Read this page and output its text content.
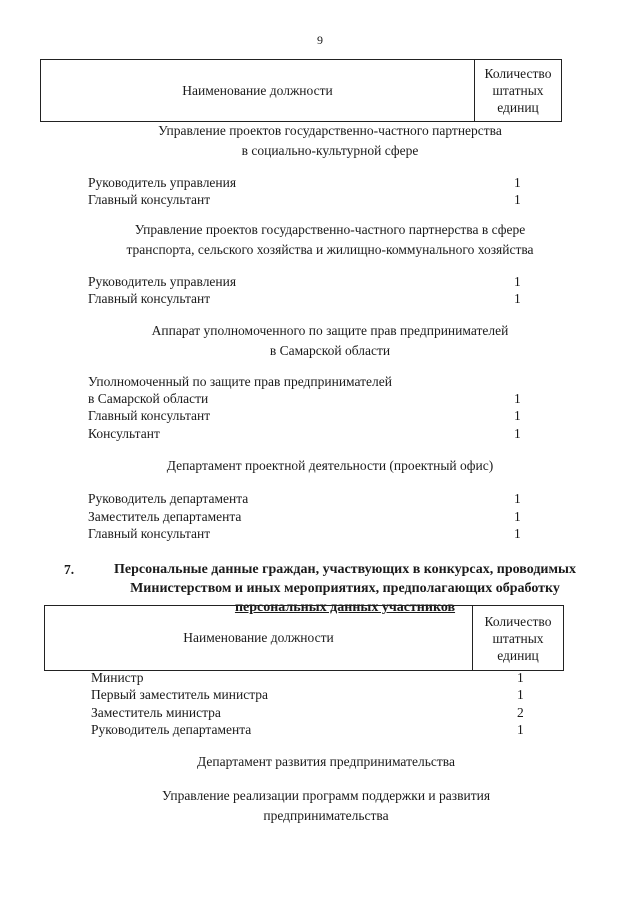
9
Наименование должности
Количество
штатных
единиц
Управление проектов государственно-частного партнерства
в социально-культурной сфере
Руководитель управления	1
Главный консультант	1
Управление проектов государственно-частного партнерства в сфере
транспорта, сельского хозяйства и жилищно-коммунального хозяйства
Руководитель управления	1
Главный консультант	1
Аппарат уполномоченного по защите прав предпринимателей
в Самарской области
Уполномоченный по защите прав предпринимателей
в Самарской области	1
Главный консультант	1
Консультант	1
Департамент проектной деятельности (проектный офис)
Руководитель департамента	1
Заместитель департамента	1
Главный консультант	1
7.	Персональные данные граждан, участвующих в конкурсах, проводимых
Министерством и иных мероприятиях, предполагающих обработку
персональных данных участников
Наименование должности
Количество
штатных
единиц
Министр	1
Первый заместитель министра	1
Заместитель министра	2
Руководитель департамента	1
Департамент развития предпринимательства
Управление реализации программ поддержки и развития
предпринимательства
